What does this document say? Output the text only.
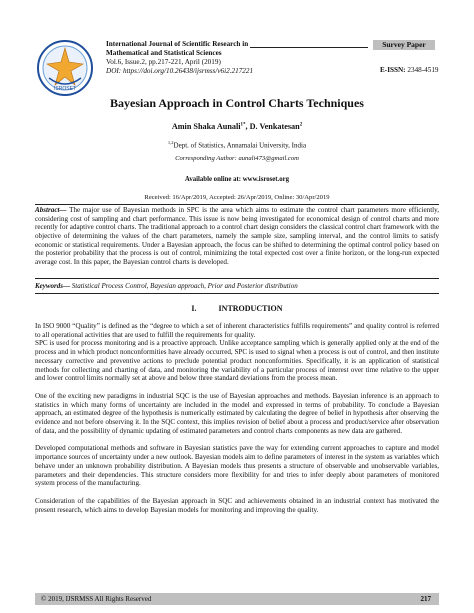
ISROSET
International Journal of Scientific Research in
Mathematical and Statistical Sciences
Vol.6, Issue.2, pp.217-221, April (2019)
DOI: https://doi.org/10.26438/ijsrmss/v6i2.217221
Survey Paper
E-ISSN: 2348-4519
Bayesian Approach in Control Charts Techniques
Amin Shaka Aunali$^{1*}$, D. Venkatesan$^2$
$^{1,2}$Dept. of Statistics, Annamalai University, India
Corresponding Author: aunali473@gmail.com
Available online at: www.isroset.org
Received: 16/Apr/2019, Accepted: 26/Apr/2019, Online: 30/Apr/2019
Abstract— The major use of Bayesian methods in SPC is the area which aims to estimate the control chart parameters more efficiently, considering cost of sampling and chart performance. This issue is now being investigated for economical design of control charts and more recently for adaptive control charts. The traditional approach to a control chart design considers the classical control chart framework with the objective of determining the values of the chart parameters, namely the sample size, sampling interval, and the control limits to satisfy economic or statistical requirements. Under a Bayesian approach, the focus can be shifted to determining the optimal control policy based on the posterior probability that the process is out of control, minimizing the total expected cost over a finite horizon, or the long-run expected average cost. In this paper, the Bayesian control charts is developed.
Keywords— Statistical Process Control, Bayesian approach, Prior and Posterior distribution
I.	INTRODUCTION

In ISO 9000 “Quality” is defined as the “degree to which a set of inherent characteristics fulfills requirements” and quality control is referred to all operational activities that are used to fulfill the requirements for quality.

SPC is used for process monitoring and is a proactive approach. Unlike acceptance sampling which is generally applied only at the end of the process and in which product nonconformities have already occurred, SPC is used to signal when a process is out of control, and then institute necessary corrective and preventive actions to preclude potential product nonconformities. Specifically, it is an application of statistical methods for collecting and charting of data, and monitoring the variability of a particular process of interest over time relative to the upper and lower control limits normally set at above and below three standard deviations from the process mean.

One of the exciting new paradigms in industrial SQC is the use of Bayesian approaches and methods. Bayesian inference is an approach to statistics in which many forms of uncertainty are included in the model and expressed in terms of probability. To conclude a Bayesian approach, an estimated degree of the hypothesis is numerically estimated by calculating the degree of belief in hypothesis after observing the evidence and not before observing it. In the SQC context, this implies revision of belief about a process and product/service after observation of data, and the possibility of dynamic updating of estimated parameters and control charts components as new data are gathered.

Developed computational methods and software in Bayesian statistics pave the way for extending current approaches to capture and model importance sources of uncertainty under a new outlook. Bayesian models aim to define parameters of interest in the system as variables which behave under an unknown probability distribution. A Bayesian models thus presents a structure of observable and unobservable variables, parameters and their dependencies. This structure considers more flexibility for and tries to infer deeply about parameters of monitored system process of the manufacturing.

Consideration of the capabilities of the Bayesian approach in SQC and achievements obtained in an industrial context has motivated the present research, which aims to develop Bayesian models for monitoring and improving the quality.

© 2019, IJSRMSS All Rights Reserved	217
